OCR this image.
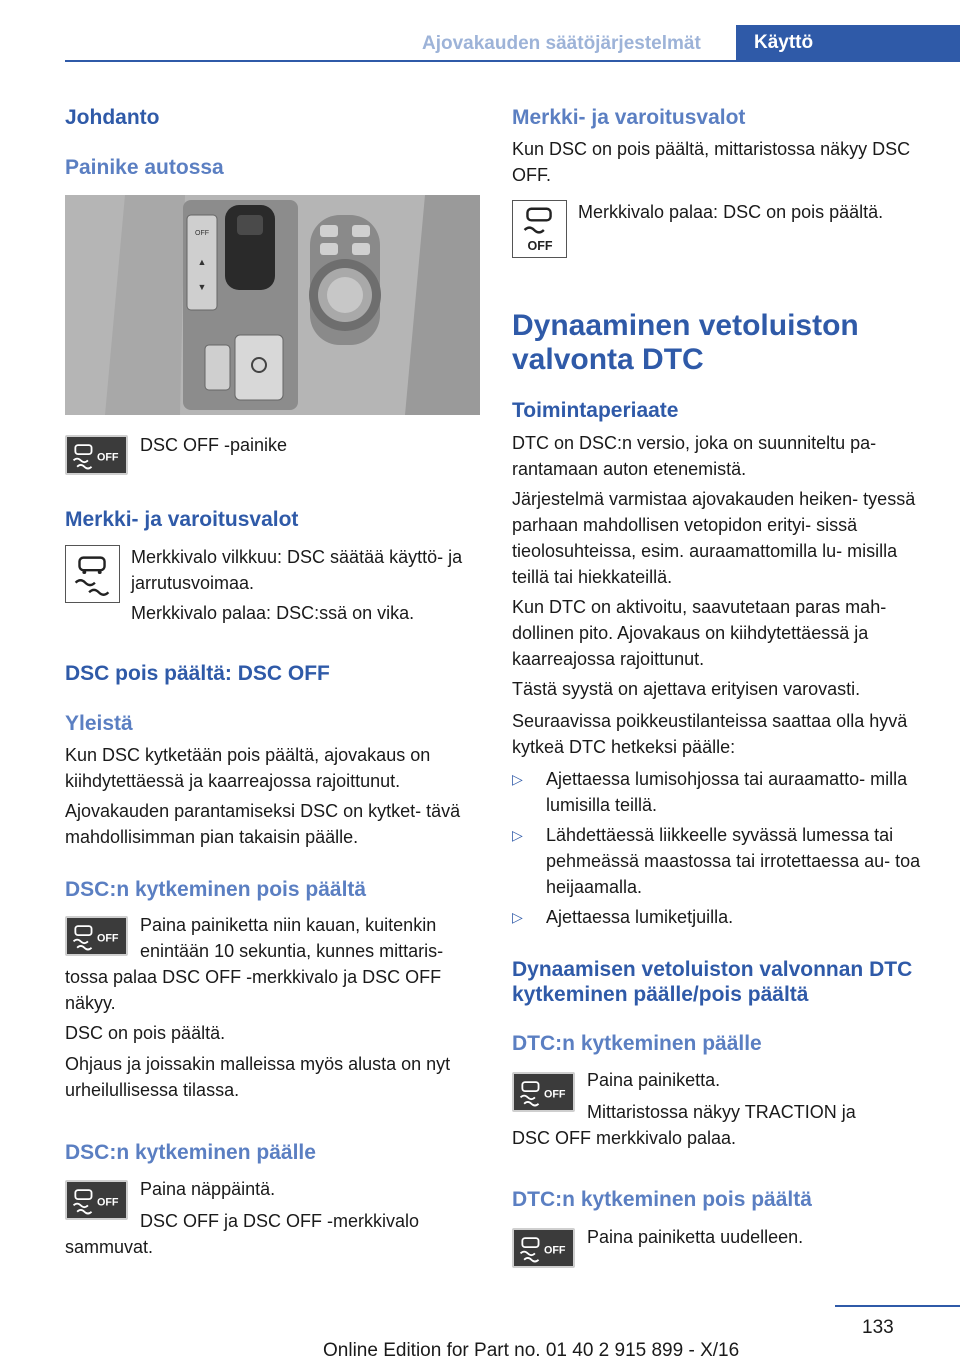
Ajovakauden säätöjärjestelmät	Käyttö
Johdanto
Painike autossa
OFF
▲
▼
OFF
DSC OFF -painike
Merkki- ja varoitusvalot
Merkkivalo vilkkuu: DSC säätää käyttö- ja jarrutusvoimaa.
Merkkivalo palaa: DSC:ssä on vika.
DSC pois päältä: DSC OFF
Yleistä
Kun DSC kytketään pois päältä, ajovakaus on kiihdytettäessä ja kaarreajossa rajoittunut.
Ajovakauden parantamiseksi DSC on kytket- tävä mahdollisimman pian takaisin päälle.
DSC:n kytkeminen pois päältä
OFF
Paina painiketta niin kauan, kuitenkin enintään 10 sekuntia, kunnes mittaris-
tossa palaa DSC OFF -merkkivalo ja DSC OFF näkyy.
DSC on pois päältä.
Ohjaus ja joissakin malleissa myös alusta on nyt urheilullisessa tilassa.
DSC:n kytkeminen päälle
OFF
Paina näppäintä.
DSC OFF ja DSC OFF -merkkivalo
sammuvat.
Merkki- ja varoitusvalot
Kun DSC on pois päältä, mittaristossa näkyy DSC OFF.
OFF
Merkkivalo palaa: DSC on pois päältä.
Dynaaminen vetoluiston valvonta DTC
Toimintaperiaate
DTC on DSC:n versio, joka on suunniteltu pa- rantamaan auton etenemistä.
Järjestelmä varmistaa ajovakauden heiken- tyessä parhaan mahdollisen vetopidon erityi- sissä tieolosuhteissa, esim. auraamattomilla lu- misilla teillä tai hiekkateillä.
Kun DTC on aktivoitu, saavutetaan paras mah- dollinen pito. Ajovakaus on kiihdytettäessä ja kaarreajossa rajoittunut.
Tästä syystä on ajettava erityisen varovasti.
Seuraavissa poikkeustilanteissa saattaa olla hyvä kytkeä DTC hetkeksi päälle:
▷ Ajettaessa lumisohjossa tai auraamatto- milla lumisilla teillä.
▷ Lähdettäessä liikkeelle syvässä lumessa tai pehmeässä maastossa tai irrotettaessa au- toa heijaamalla.
▷ Ajettaessa lumiketjuilla.
Dynaamisen vetoluiston valvonnan DTC kytkeminen päälle/pois päältä
DTC:n kytkeminen päälle
OFF
Paina painiketta.
Mittaristossa näkyy TRACTION ja
DSC OFF merkkivalo palaa.
DTC:n kytkeminen pois päältä
OFF
Paina painiketta uudelleen.
133
Online Edition for Part no. 01 40 2 915 899 - X/16
